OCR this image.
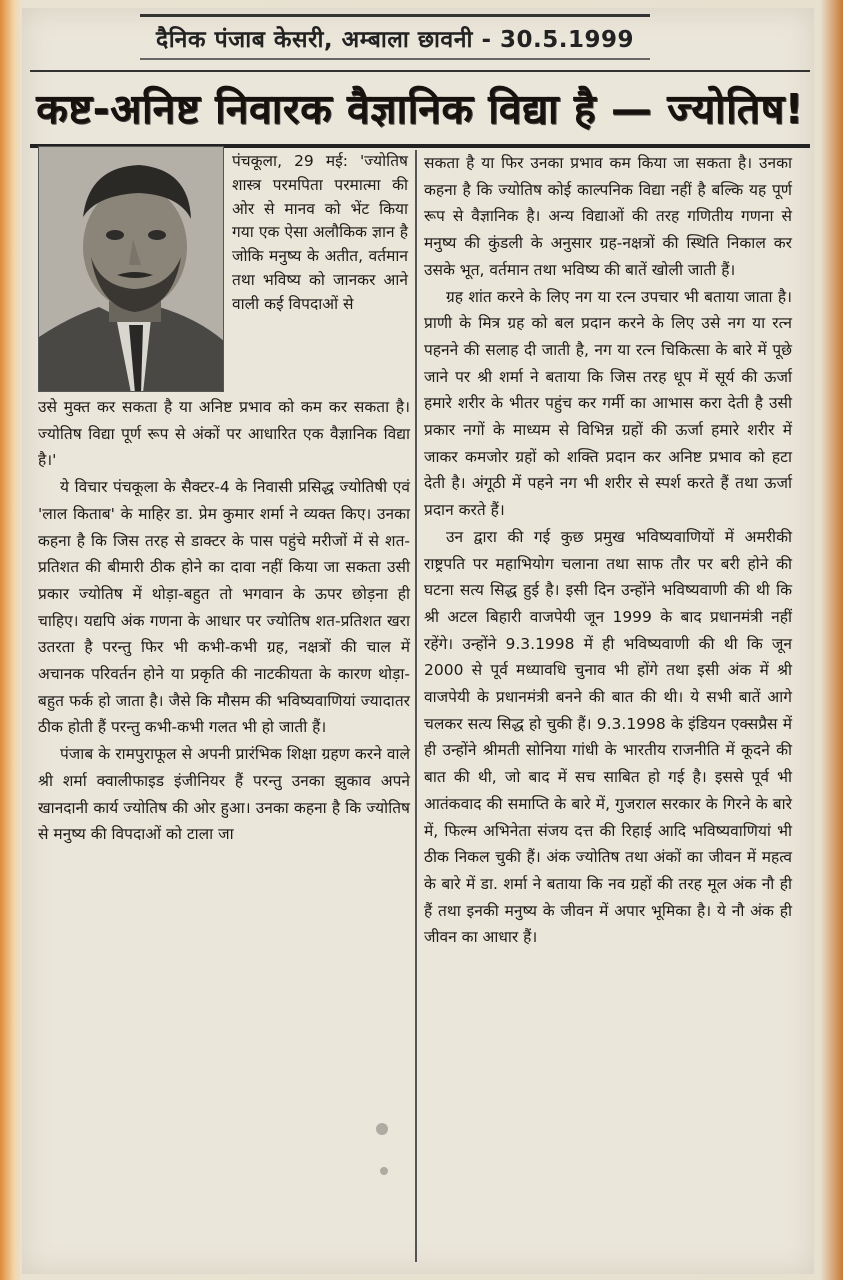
दैनिक पंजाब केसरी, अम्बाला छावनी - 30.5.1999
कष्ट-अनिष्ट निवारक वैज्ञानिक विद्या है — ज्योतिष!

पंचकूला, 29 मई: 'ज्योतिष शास्त्र परमपिता परमात्मा की ओर से मानव को भेंट किया गया एक ऐसा अलौकिक ज्ञान है जोकि मनुष्य के अतीत, वर्तमान तथा भविष्य को जानकर आने वाली कई विपदाओं से

उसे मुक्त कर सकता है या अनिष्ट प्रभाव को कम कर सकता है। ज्योतिष विद्या पूर्ण रूप से अंकों पर आधारित एक वैज्ञानिक विद्या है।'

ये विचार पंचकूला के सैक्टर-4 के निवासी प्रसिद्ध ज्योतिषी एवं 'लाल किताब' के माहिर डा. प्रेम कुमार शर्मा ने व्यक्त किए। उनका कहना है कि जिस तरह से डाक्टर के पास पहुंचे मरीजों में से शत-प्रतिशत की बीमारी ठीक होने का दावा नहीं किया जा सकता उसी प्रकार ज्योतिष में थोड़ा-बहुत तो भगवान के ऊपर छोड़ना ही चाहिए। यद्यपि अंक गणना के आधार पर ज्योतिष शत-प्रतिशत खरा उतरता है परन्तु फिर भी कभी-कभी ग्रह, नक्षत्रों की चाल में अचानक परिवर्तन होने या प्रकृति की नाटकीयता के कारण थोड़ा-बहुत फर्क हो जाता है। जैसे कि मौसम की भविष्यवाणियां ज्यादातर ठीक होती हैं परन्तु कभी-कभी गलत भी हो जाती हैं।

पंजाब के रामपुराफूल से अपनी प्रारंभिक शिक्षा ग्रहण करने वाले श्री शर्मा क्वालीफाइड इंजीनियर हैं परन्तु उनका झुकाव अपने खानदानी कार्य ज्योतिष की ओर हुआ। उनका कहना है कि ज्योतिष से मनुष्य की विपदाओं को टाला जा

सकता है या फिर उनका प्रभाव कम किया जा सकता है। उनका कहना है कि ज्योतिष कोई काल्पनिक विद्या नहीं है बल्कि यह पूर्ण रूप से वैज्ञानिक है। अन्य विद्याओं की तरह गणितीय गणना से मनुष्य की कुंडली के अनुसार ग्रह-नक्षत्रों की स्थिति निकाल कर उसके भूत, वर्तमान तथा भविष्य की बातें खोली जाती हैं।

ग्रह शांत करने के लिए नग या रत्न उपचार भी बताया जाता है। प्राणी के मित्र ग्रह को बल प्रदान करने के लिए उसे नग या रत्न पहनने की सलाह दी जाती है, नग या रत्न चिकित्सा के बारे में पूछे जाने पर श्री शर्मा ने बताया कि जिस तरह धूप में सूर्य की ऊर्जा हमारे शरीर के भीतर पहुंच कर गर्मी का आभास करा देती है उसी प्रकार नगों के माध्यम से विभिन्न ग्रहों की ऊर्जा हमारे शरीर में जाकर कमजोर ग्रहों को शक्ति प्रदान कर अनिष्ट प्रभाव को हटा देती है। अंगूठी में पहने नग भी शरीर से स्पर्श करते हैं तथा ऊर्जा प्रदान करते हैं।

उन द्वारा की गई कुछ प्रमुख भविष्यवाणियों में अमरीकी राष्ट्रपति पर महाभियोग चलाना तथा साफ तौर पर बरी होने की घटना सत्य सिद्ध हुई है। इसी दिन उन्होंने भविष्यवाणी की थी कि श्री अटल बिहारी वाजपेयी जून 1999 के बाद प्रधानमंत्री नहीं रहेंगे। उन्होंने 9.3.1998 में ही भविष्यवाणी की थी कि जून 2000 से पूर्व मध्यावधि चुनाव भी होंगे तथा इसी अंक में श्री वाजपेयी के प्रधानमंत्री बनने की बात की थी। ये सभी बातें आगे चलकर सत्य सिद्ध हो चुकी हैं। 9.3.1998 के इंडियन एक्सप्रैस में ही उन्होंने श्रीमती सोनिया गांधी के भारतीय राजनीति में कूदने की बात की थी, जो बाद में सच साबित हो गई है। इससे पूर्व भी आतंकवाद की समाप्ति के बारे में, गुजराल सरकार के गिरने के बारे में, फिल्म अभिनेता संजय दत्त की रिहाई आदि भविष्यवाणियां भी ठीक निकल चुकी हैं। अंक ज्योतिष तथा अंकों का जीवन में महत्व के बारे में डा. शर्मा ने बताया कि नव ग्रहों की तरह मूल अंक नौ ही हैं तथा इनकी मनुष्य के जीवन में अपार भूमिका है। ये नौ अंक ही जीवन का आधार हैं।
